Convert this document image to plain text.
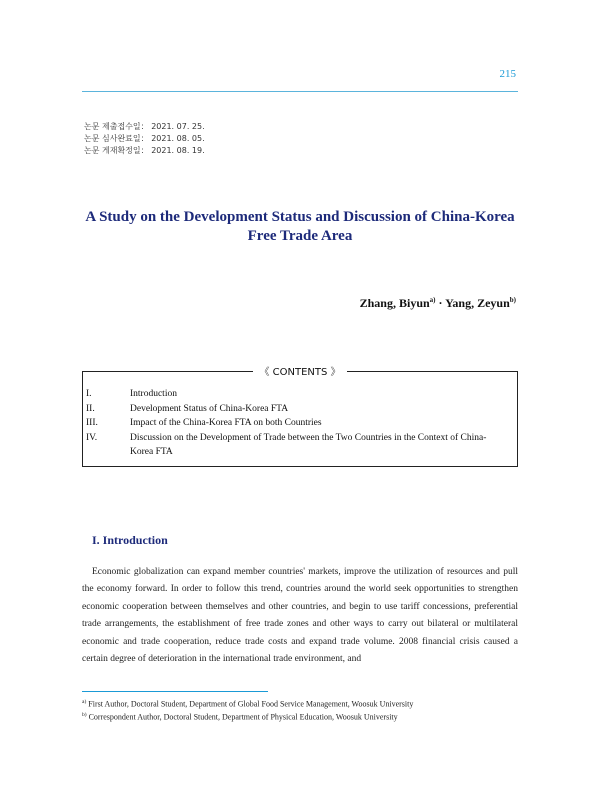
215
논문 제출접수일： 2021. 07. 25.
논문 심사완료일： 2021. 08. 05.
논문 게재확정일： 2021. 08. 19.
A Study on the Development Status and Discussion of China-Korea
Free Trade Area
Zhang, Biyun$^{a)}$ · Yang, Zeyun$^{b)}$
《 CONTENTS 》
I.	Introduction
II.	Development Status of China-Korea FTA
III.	Impact of the China-Korea FTA on both Countries
IV.	Discussion on the Development of Trade between the Two Countries in the Context of China-Korea FTA
I. Introduction
Economic globalization can expand member countries' markets, improve the utilization of resources and pull the economy forward. In order to follow this trend, countries around the world seek opportunities to strengthen economic cooperation between themselves and other countries, and begin to use tariff concessions, preferential trade arrangements, the establishment of free trade zones and other ways to carry out bilateral or multilateral economic and trade cooperation, reduce trade costs and expand trade volume. 2008 financial crisis caused a certain degree of deterioration in the international trade environment, and
$^{a)}$ First Author, Doctoral Student, Department of Global Food Service Management, Woosuk University
$^{b)}$ Correspondent Author, Doctoral Student, Department of Physical Education, Woosuk University
